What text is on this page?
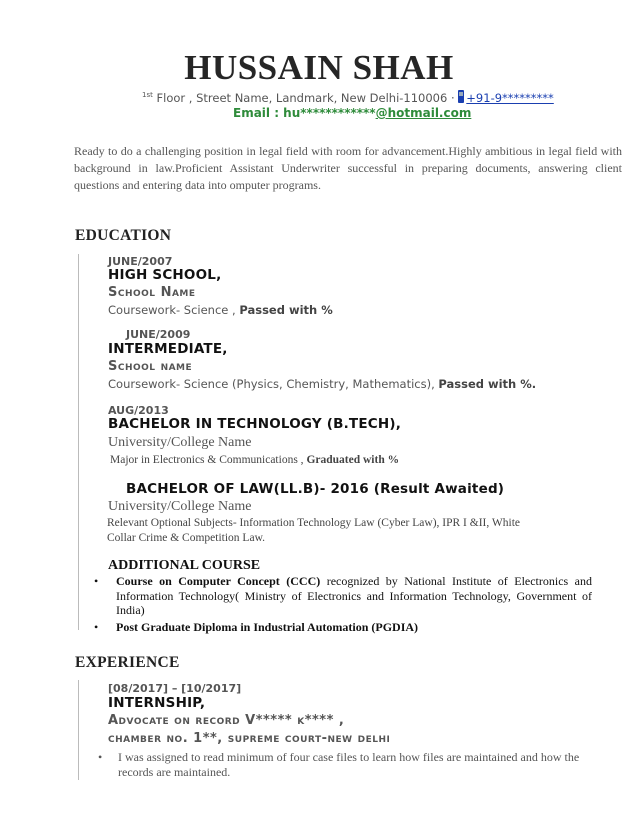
HUSSAIN SHAH
$^{1st}$ Floor , Street Name, Landmark, New Delhi-110006 · +91-9*********
Email : hu************@hotmail.com
Ready to do a challenging position in legal field with room for advancement.Highly ambitious in legal field with background in law.Proficient Assistant Underwriter successful in preparing documents, answering client questions and entering data into omputer programs.
EDUCATION
JUNE/2007
HIGH SCHOOL,
School Name
Coursework- Science , Passed with %
JUNE/2009
INTERMEDIATE,
School name
Coursework- Science (Physics, Chemistry, Mathematics), Passed with %.
AUG/2013
BACHELOR IN TECHNOLOGY (B.TECH),
University/College Name
Major in Electronics & Communications , Graduated with %
BACHELOR OF LAW(LL.B)- 2016 (Result Awaited)
University/College Name
Relevant Optional Subjects- Information Technology Law (Cyber Law), IPR I &II, White
Collar Crime & Competition Law.
ADDITIONAL COURSE
• Course on Computer Concept (CCC) recognized by National Institute of Electronics and Information Technology( Ministry of Electronics and Information Technology, Government of India)
• Post Graduate Diploma in Industrial Automation (PGDIA)
EXPERIENCE
[08/2017] – [10/2017]
INTERNSHIP,
Advocate on record V***** k**** ,
chamber no. 1**, supreme court-new delhi
•	I was assigned to read minimum of four case files to learn how files are maintained and how the records are maintained.
